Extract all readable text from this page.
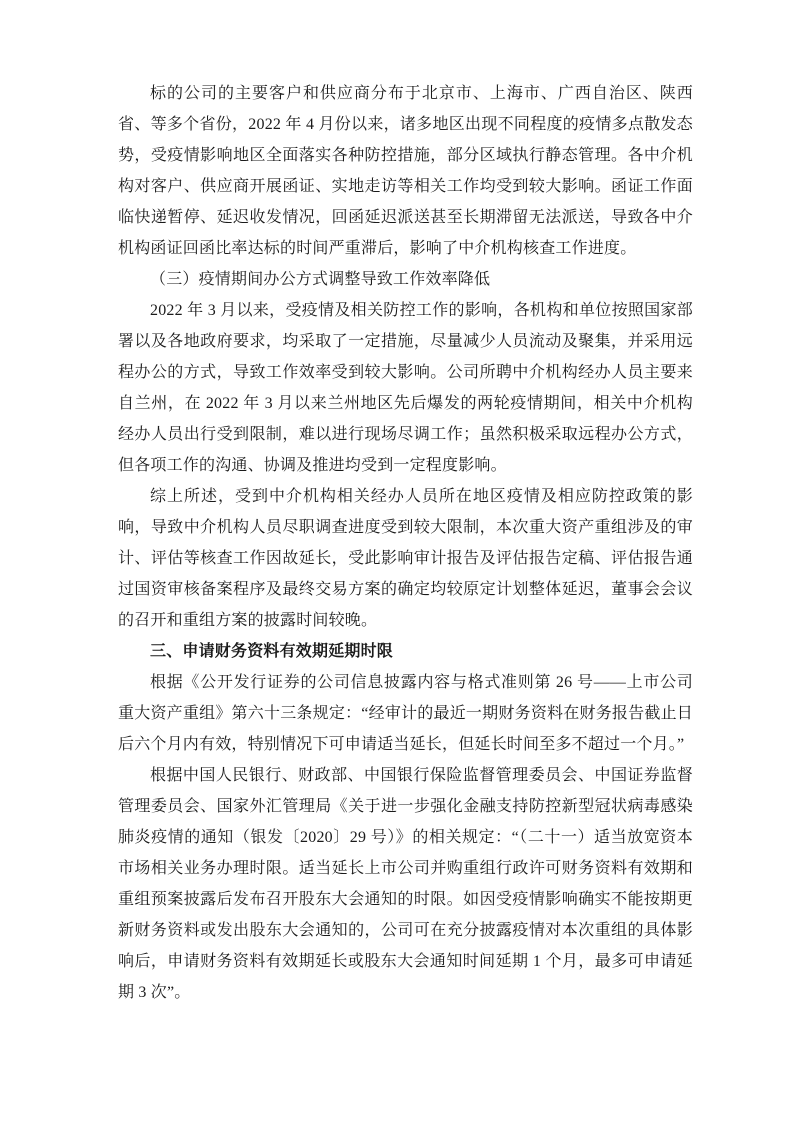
标的公司的主要客户和供应商分布于北京市、上海市、广西自治区、陕西省、等多个省份，2022 年 4 月份以来，诸多地区出现不同程度的疫情多点散发态势，受疫情影响地区全面落实各种防控措施，部分区域执行静态管理。各中介机构对客户、供应商开展函证、实地走访等相关工作均受到较大影响。函证工作面临快递暂停、延迟收发情况，回函延迟派送甚至长期滞留无法派送，导致各中介机构函证回函比率达标的时间严重滞后，影响了中介机构核查工作进度。

（三）疫情期间办公方式调整导致工作效率降低

2022 年 3 月以来，受疫情及相关防控工作的影响，各机构和单位按照国家部署以及各地政府要求，均采取了一定措施，尽量减少人员流动及聚集，并采用远程办公的方式，导致工作效率受到较大影响。公司所聘中介机构经办人员主要来自兰州，在 2022 年 3 月以来兰州地区先后爆发的两轮疫情期间，相关中介机构经办人员出行受到限制，难以进行现场尽调工作；虽然积极采取远程办公方式，但各项工作的沟通、协调及推进均受到一定程度影响。

综上所述，受到中介机构相关经办人员所在地区疫情及相应防控政策的影响，导致中介机构人员尽职调查进度受到较大限制，本次重大资产重组涉及的审计、评估等核查工作因故延长，受此影响审计报告及评估报告定稿、评估报告通过国资审核备案程序及最终交易方案的确定均较原定计划整体延迟，董事会会议的召开和重组方案的披露时间较晚。

三、申请财务资料有效期延期时限

根据《公开发行证券的公司信息披露内容与格式准则第 26 号——上市公司重大资产重组》第六十三条规定：“经审计的最近一期财务资料在财务报告截止日后六个月内有效，特别情况下可申请适当延长，但延长时间至多不超过一个月。”

根据中国人民银行、财政部、中国银行保险监督管理委员会、中国证券监督管理委员会、国家外汇管理局《关于进一步强化金融支持防控新型冠状病毒感染肺炎疫情的通知（银发〔2020〕29 号）》的相关规定：“（二十一）适当放宽资本市场相关业务办理时限。适当延长上市公司并购重组行政许可财务资料有效期和重组预案披露后发布召开股东大会通知的时限。如因受疫情影响确实不能按期更新财务资料或发出股东大会通知的，公司可在充分披露疫情对本次重组的具体影响后，申请财务资料有效期延长或股东大会通知时间延期 1 个月，最多可申请延期 3 次”。
